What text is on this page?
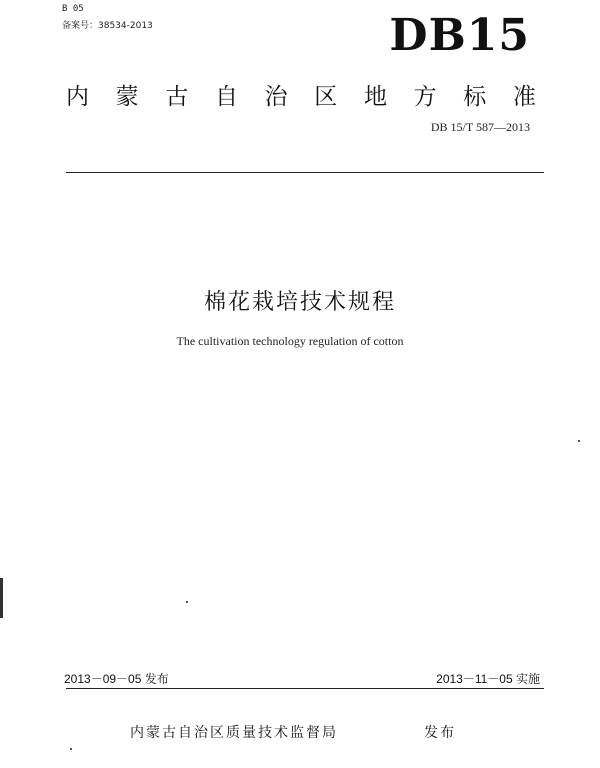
B 05
备案号：38534-2013	DB15
内 蒙 古 自 治 区 地 方 标 准
DB 15/T 587—2013
棉花栽培技术规程
The cultivation technology regulation of cotton
2013－09－05 发布	2013－11－05 实施
内蒙古自治区质量技术监督局	发布
